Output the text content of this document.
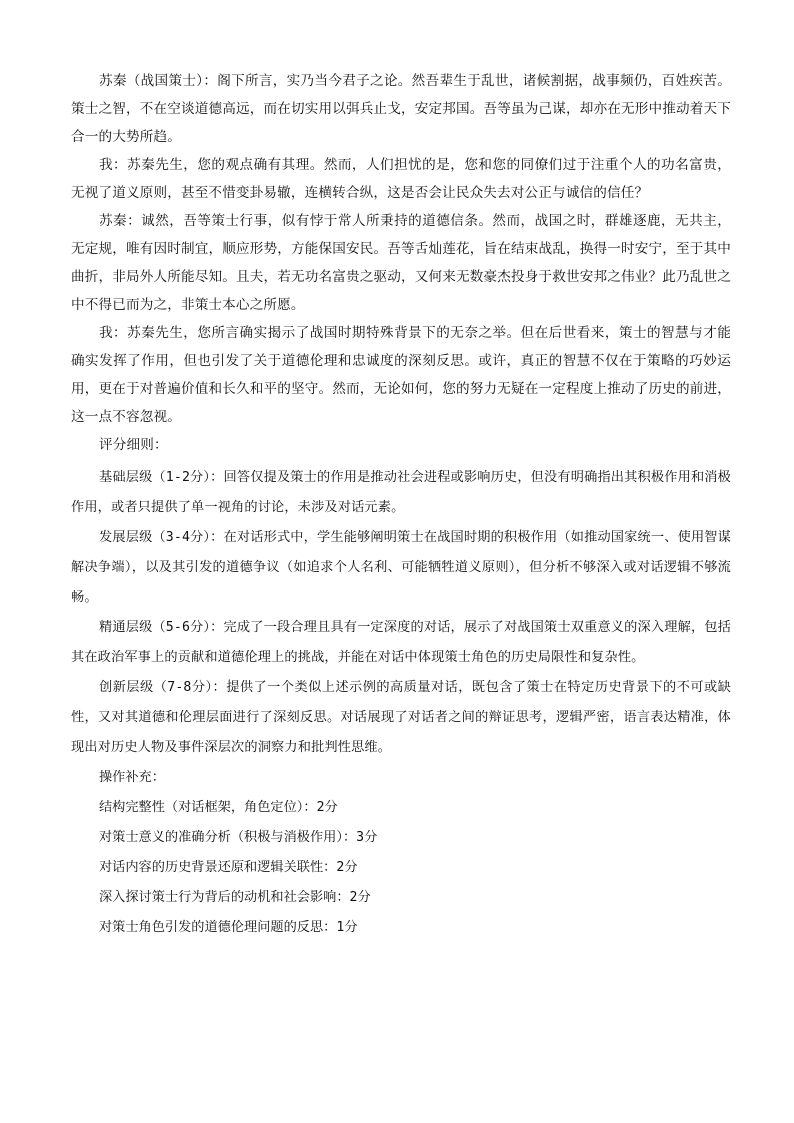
苏秦（战国策士）：阁下所言，实乃当今君子之论。然吾辈生于乱世，诸候割据，战事频仍，百姓疾苦。策士之智，不在空谈道德高远，而在切实用以弭兵止戈，安定邦国。吾等虽为己谋，却亦在无形中推动着天下合一的大势所趋。

我：苏秦先生，您的观点确有其理。然而，人们担忧的是，您和您的同僚们过于注重个人的功名富贵，无视了道义原则，甚至不惜变卦易辙，连横转合纵，这是否会让民众失去对公正与诚信的信任？

苏秦：诚然，吾等策士行事，似有悖于常人所秉持的道德信条。然而，战国之时，群雄逐鹿，无共主，无定规，唯有因时制宜，顺应形势，方能保国安民。吾等舌灿莲花，旨在结束战乱，换得一时安宁，至于其中曲折，非局外人所能尽知。且夫，若无功名富贵之驱动，又何来无数豪杰投身于救世安邦之伟业？此乃乱世之中不得已而为之，非策士本心之所愿。

我：苏秦先生，您所言确实揭示了战国时期特殊背景下的无奈之举。但在后世看来，策士的智慧与才能确实发挥了作用，但也引发了关于道德伦理和忠诚度的深刻反思。或许，真正的智慧不仅在于策略的巧妙运用，更在于对普遍价值和长久和平的坚守。然而，无论如何，您的努力无疑在一定程度上推动了历史的前进，这一点不容忽视。

评分细则：

基础层级（1-2分）：回答仅提及策士的作用是推动社会进程或影响历史，但没有明确指出其积极作用和消极作用，或者只提供了单一视角的讨论，未涉及对话元素。

发展层级（3-4分）：在对话形式中，学生能够阐明策士在战国时期的积极作用（如推动国家统一、使用智谋解决争端），以及其引发的道德争议（如追求个人名利、可能牺牲道义原则），但分析不够深入或对话逻辑不够流畅。

精通层级（5-6分）：完成了一段合理且具有一定深度的对话，展示了对战国策士双重意义的深入理解，包括其在政治军事上的贡献和道德伦理上的挑战，并能在对话中体现策士角色的历史局限性和复杂性。

创新层级（7-8分）：提供了一个类似上述示例的高质量对话，既包含了策士在特定历史背景下的不可或缺性，又对其道德和伦理层面进行了深刻反思。对话展现了对话者之间的辩证思考，逻辑严密，语言表达精准，体现出对历史人物及事件深层次的洞察力和批判性思维。

操作补充：

结构完整性（对话框架，角色定位）：2分

对策士意义的准确分析（积极与消极作用）：3分

对话内容的历史背景还原和逻辑关联性：2分

深入探讨策士行为背后的动机和社会影响：2分

对策士角色引发的道德伦理问题的反思：1分
